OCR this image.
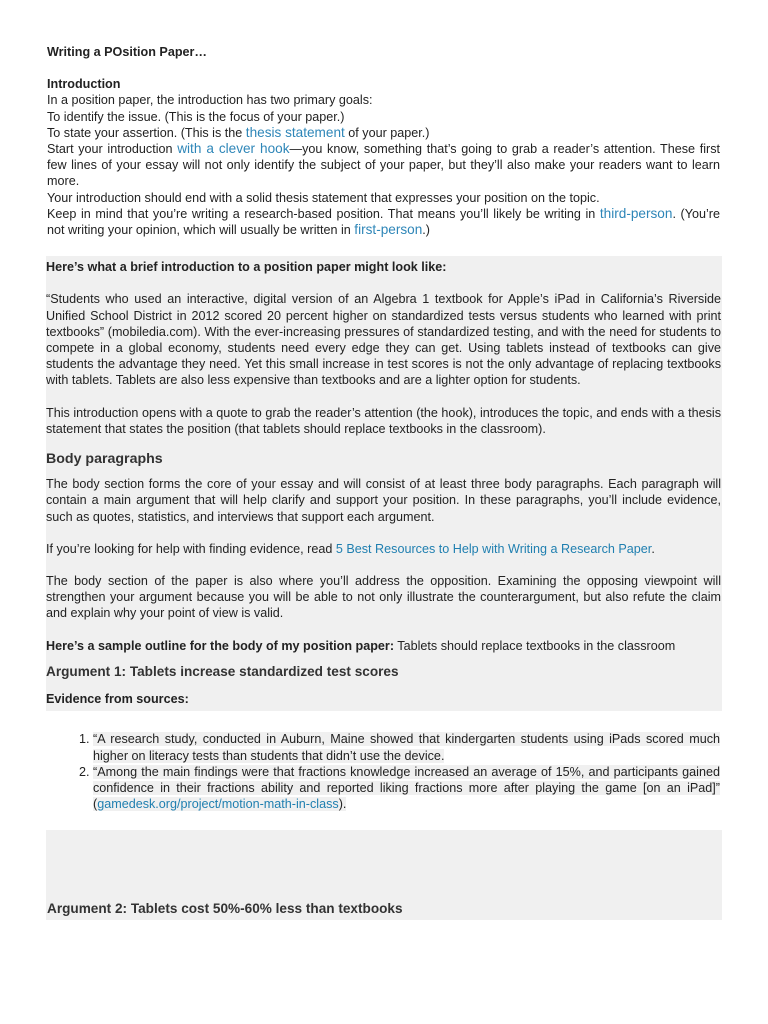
Writing a POsition Paper…

Introduction

In a position paper, the introduction has two primary goals:

To identify the issue. (This is the focus of your paper.)

To state your assertion. (This is the thesis statement of your paper.)

Start your introduction with a clever hook—you know, something that’s going to grab a reader’s attention. These first few lines of your essay will not only identify the subject of your paper, but they’ll also make your readers want to learn more.

Your introduction should end with a solid thesis statement that expresses your position on the topic.

Keep in mind that you’re writing a research-based position. That means you’ll likely be writing in third-person. (You’re not writing your opinion, which will usually be written in first-person.)

Here’s what a brief introduction to a position paper might look like:

“Students who used an interactive, digital version of an Algebra 1 textbook for Apple’s iPad in California’s Riverside Unified School District in 2012 scored 20 percent higher on standardized tests versus students who learned with print textbooks” (mobiledia.com). With the ever-increasing pressures of standardized testing, and with the need for students to compete in a global economy, students need every edge they can get. Using tablets instead of textbooks can give students the advantage they need. Yet this small increase in test scores is not the only advantage of replacing textbooks with tablets. Tablets are also less expensive than textbooks and are a lighter option for students.

This introduction opens with a quote to grab the reader’s attention (the hook), introduces the topic, and ends with a thesis statement that states the position (that tablets should replace textbooks in the classroom).

Body paragraphs

The body section forms the core of your essay and will consist of at least three body paragraphs. Each paragraph will contain a main argument that will help clarify and support your position. In these paragraphs, you’ll include evidence, such as quotes, statistics, and interviews that support each argument.

If you’re looking for help with finding evidence, read 5 Best Resources to Help with Writing a Research Paper.

The body section of the paper is also where you’ll address the opposition. Examining the opposing viewpoint will strengthen your argument because you will be able to not only illustrate the counterargument, but also refute the claim and explain why your point of view is valid.

Here’s a sample outline for the body of my position paper: Tablets should replace textbooks in the classroom

Argument 1: Tablets increase standardized test scores

Evidence from sources:

1. “A research study, conducted in Auburn, Maine showed that kindergarten students using iPads scored much higher on literacy tests than students that didn’t use the device.
2. “Among the main findings were that fractions knowledge increased an average of 15%, and participants gained confidence in their fractions ability and reported liking fractions more after playing the game [on an iPad]” (gamedesk.org/project/motion-math-in-class).

Argument 2: Tablets cost 50%-60% less than textbooks
